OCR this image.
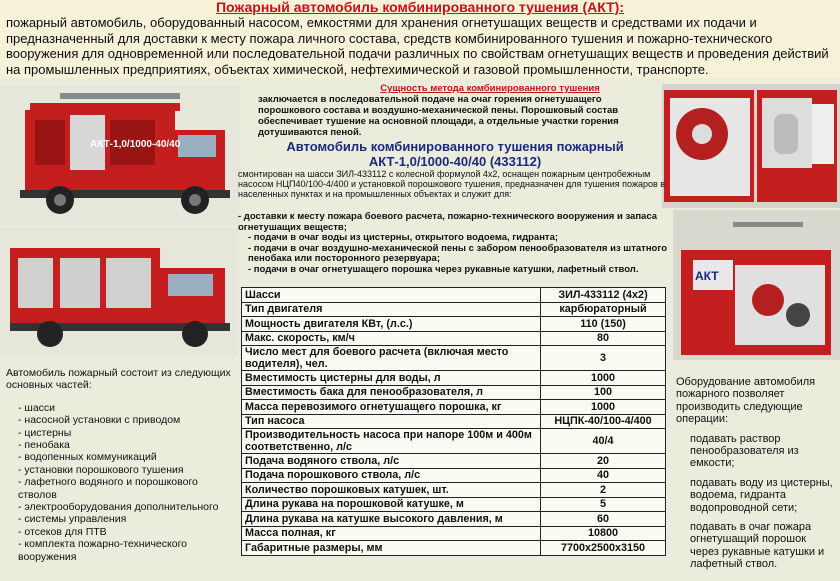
Пожарный автомобиль комбинированного тушения (АКТ):
пожарный автомобиль, оборудованный насосом, емкостями для хранения огнетушащих веществ и средствами их подачи и предназначенный для доставки к месту пожара личного состава, средств комбинированного тушения и пожарно-технического вооружения для одновременной или последовательной подачи различных по свойствам огнетушащих веществ и проведения действий на промышленных предприятиях, объектах химической, нефтехимической и газовой промышленности, транспорте.
АКТ-1,0/1000-40/40
АКТ
Сущность метода комбинированного тушения
заключается в последовательной подаче на очаг горения огнетушащего порошкового состава и воздушно-механической пены. Порошковый состав обеспечивает тушение на основной площади, а отдельные участки горения дотушиваются пеной.
Автомобиль комбинированного тушения пожарный
АКТ-1,0/1000-40/40 (433112)
смонтирован на шасси ЗИЛ-433112 с колесной формулой 4х2, оснащен пожарным центробежным насосом НЦП40/100-4/400 и установкой порошкового тушения, предназначен для тушения пожаров в населенных пунктах и на промышленных объектах и служит для:
- доставки к месту пожара боевого расчета, пожарно-технического вооружения и запаса огнетушащих веществ;
- подачи в очаг воды из цистерны, открытого водоема, гидранта;
- подачи в очаг воздушно-механической пены с забором пенообразователя из штатного пенобака или посторонного резервуара;
- подачи в очаг огнетушащего порошка через рукавные катушки, лафетный ствол.
Шасси	ЗИЛ-433112 (4х2)
Тип двигателя	карбюраторный
Мощность двигателя КВт, (л.с.)	110 (150)
Макс. скорость, км/ч	80
Число мест для боевого расчета (включая место водителя), чел.	3
Вместимость цистерны для воды, л	1000
Вместимость бака для пенообразователя, л	100
Масса перевозимого огнетушащего порошка, кг	1000
Тип насоса	НЦПК-40/100-4/400
Производительность насоса при напоре 100м и 400м соответственно, л/с	40/4
Подача водяного ствола, л/с	20
Подача порошкового ствола, л/с	40
Количество порошковых катушек, шт.	2
Длина рукава на порошковой катушке, м	5
Длина рукава на катушке высокого давления, м	60
Масса полная, кг	10800
Габаритные размеры, мм	7700х2500х3150
Автомобиль пожарный состоит из следующих основных частей:
- шасси
- насосной установки с приводом
- цистерны
- пенобака
- водопенных коммуникаций
- установки порошкового тушения
- лафетного водяного и порошкового стволов
- электрооборудования дополнительного
- системы управления
- отсеков для ПТВ
- комплекта пожарно-технического вооружения

Оборудование автомобиля пожарного позволяет производить следующие операции:

подавать раствор пенообразователя из емкости;

подавать воду из цистерны, водоема, гидранта водопроводной сети;

подавать в очаг пожара огнетушащий порошок через рукавные катушки и лафетный ствол.
